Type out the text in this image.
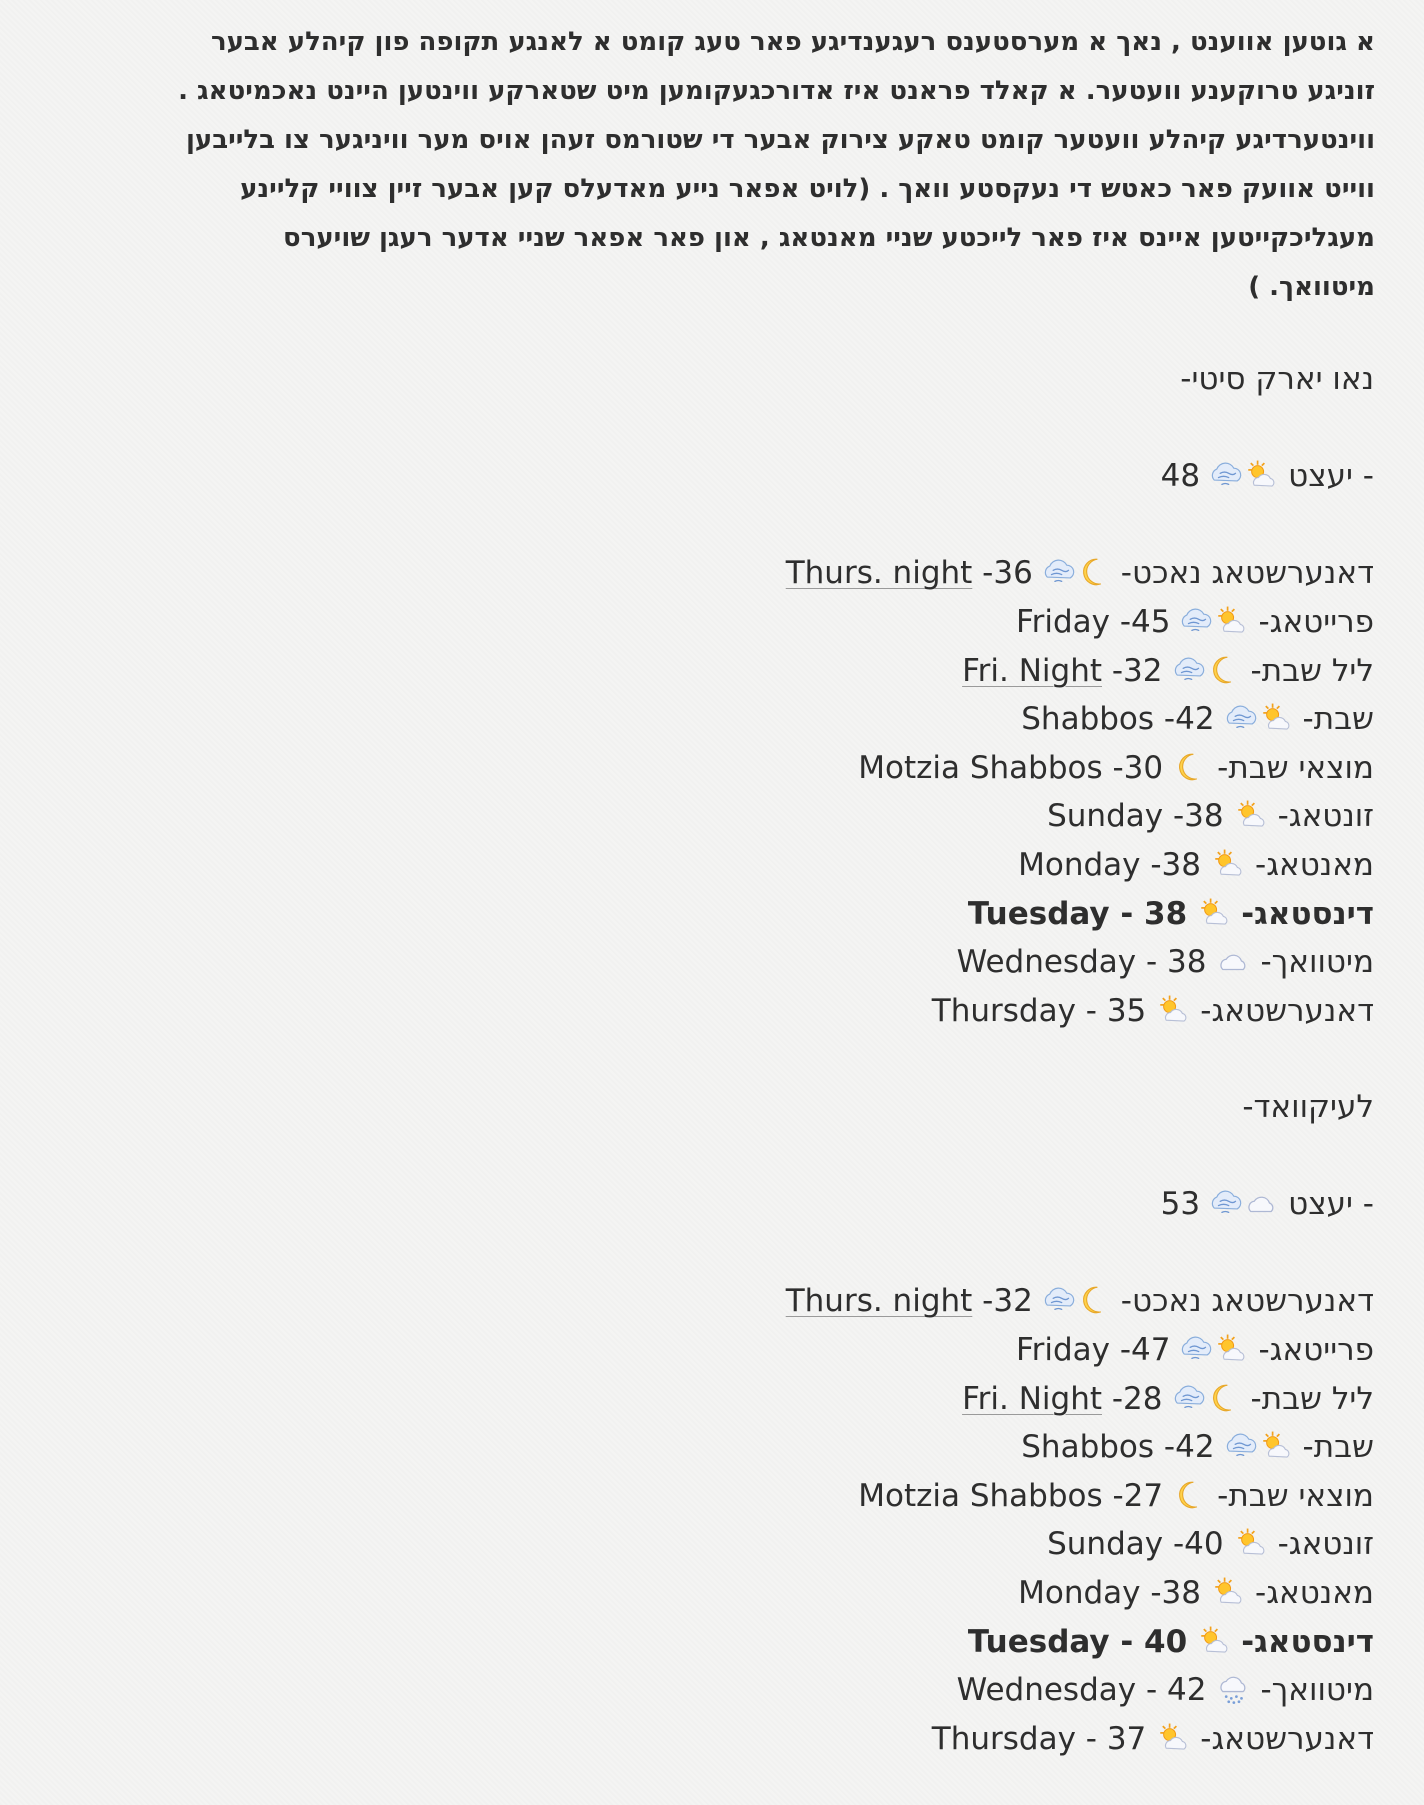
א גוטען אווענט , נאך א מערסטענס רעגענדיגע פאר טעג קומט א לאנגע תקופה פון קיהלע אבער
זוניגע טרוקענע וועטער. א קאלד פראנט איז אדורכגעקומען מיט שטארקע ווינטען היינט נאכמיטאג .
ווינטערדיגע קיהלע וועטער קומט טאקע צירוק אבער די שטורמס זעהן אויס מער וויניגער צו בלייבען
ווייט אוועק פאר כאטש די נעקסטע וואך . (לויט אפאר נייע מאדעלס קען אבער זיין צוויי קליינע
מעגליכקייטען איינס איז פאר לייכטע שניי מאנטאג , און פאר אפאר שניי אדער רעגן שויערס
מיטוואך. )
נאו יארק סיטי-
48	יעצט -
Thurs. night -36	דאנערשטאג נאכט-
Friday -45	פרייטאג-
Fri. Night -32	ליל שבת-
Shabbos -42	שבת-
Motzia Shabbos -30 מוצאי שבת-
Sunday -38 זונטאג-
Monday -38 מאנטאג-
Tuesday - 38 דינסטאג-
Wednesday - 38 מיטוואך-
Thursday - 35 דאנערשטאג-
לעיקוואד-
53	יעצט -
Thurs. night -32	דאנערשטאג נאכט-
Friday -47	פרייטאג-
Fri. Night -28	ליל שבת-
Shabbos -42	שבת-
Motzia Shabbos -27 מוצאי שבת-
Sunday -40 זונטאג-
Monday -38 מאנטאג-
Tuesday - 40 דינסטאג-
Wednesday - 42 מיטוואך-
Thursday - 37 דאנערשטאג-
